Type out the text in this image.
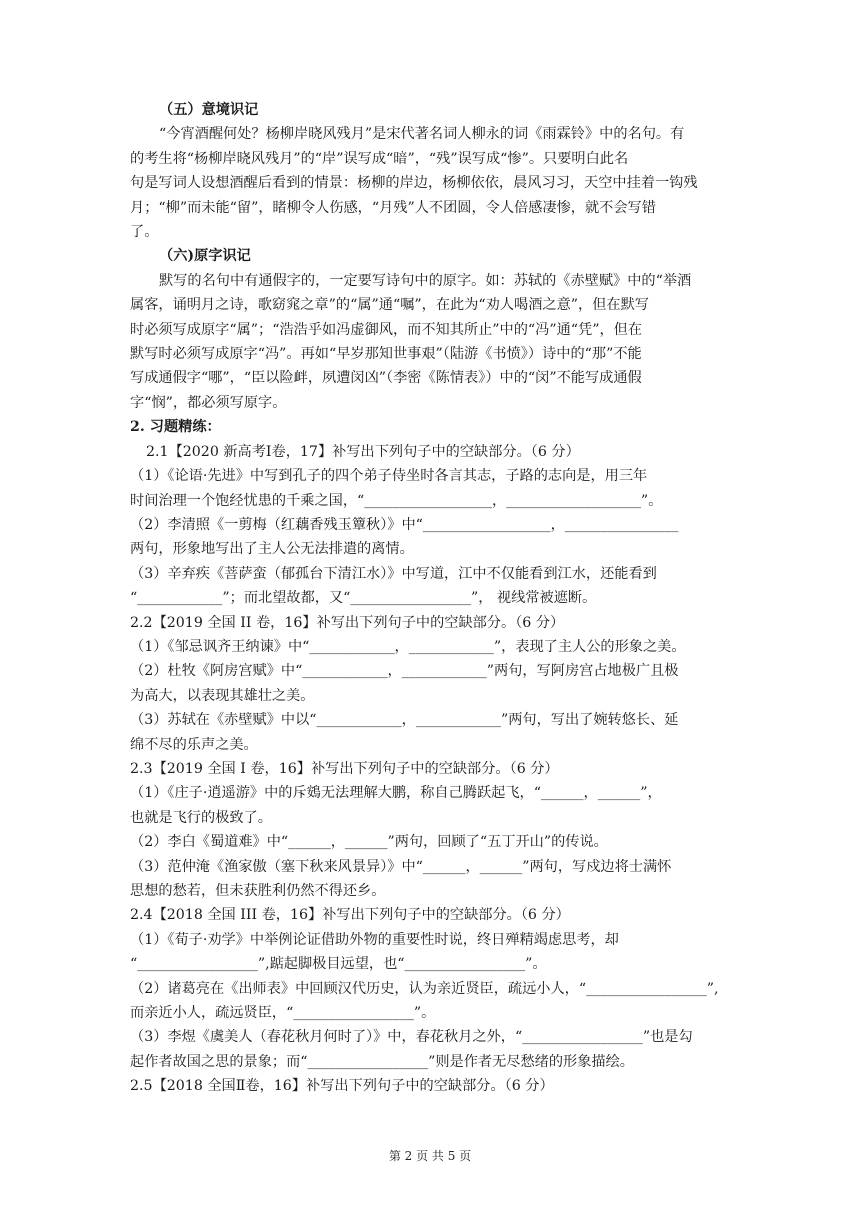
（五）意境识记

“今宵酒醒何处？杨柳岸晓风残月”是宋代著名词人柳永的词《雨霖铃》中的名句。有

的考生将“杨柳岸晓风残月”的“岸”误写成“暗”，“残”误写成“惨”。只要明白此名

句是写词人设想酒醒后看到的情景：杨柳的岸边，杨柳依依，晨风习习，天空中挂着一钩残

月；“柳”而未能“留”，睹柳令人伤感，“月残”人不团圆，令人倍感凄惨，就不会写错

了。

（六)原字识记

默写的名句中有通假字的，一定要写诗句中的原字。如：苏轼的《赤壁赋》中的“举酒

属客，诵明月之诗，歌窈窕之章”的“属”通“嘱”，在此为“劝人喝酒之意”，但在默写

时必须写成原字“属”；“浩浩乎如冯虚御风，而不知其所止”中的“冯”通“凭”，但在

默写时必须写成原字“冯”。再如“早岁那知世事艰”（陆游《书愤》）诗中的“那”不能

写成通假字“哪”，“臣以险衅，夙遭闵凶”（李密《陈情表》）中的“闵”不能写成通假

字“悯”，都必须写原字。

2. 习题精练：

2.1【2020 新高考Ⅰ卷，17】补写出下列句子中的空缺部分。（6 分）

（1）《论语·先进》中写到孔子的四个弟子侍坐时各言其志，子路的志向是，用三年

时间治理一个饱经忧患的千乘之国，“__________________，___________________”。

（2）李清照《一剪梅（红藕香残玉簟秋）》中“__________________，________________

两句，形象地写出了主人公无法排遣的离情。

（3）辛弃疾《菩萨蛮（郁孤台下清江水）》中写道，江中不仅能看到江水，还能看到

“____________”；而北望故都，又“_________________”， 视线常被遮断。

2.2【2019 全国 II 卷，16】补写出下列句子中的空缺部分。（6 分）

（1）《邹忌讽齐王纳谏》中“____________，____________”，表现了主人公的形象之美。

（2）杜牧《阿房宫赋》中“____________，____________”两句，写阿房宫占地极广且极

为高大，以表现其雄壮之美。

（3）苏轼在《赤壁赋》中以“____________，____________”两句，写出了婉转悠长、延

绵不尽的乐声之美。

2.3【2019 全国 I 卷，16】补写出下列句子中的空缺部分。（6 分）

（1）《庄子·逍遥游》中的斥鴳无法理解大鹏，称自己腾跃起飞，“______，______”，

也就是飞行的极致了。

（2）李白《蜀道难》中“______，______”两句，回顾了“五丁开山”的传说。

（3）范仲淹《渔家傲（塞下秋来风景异）》中“______，______”两句，写戍边将士满怀

思想的愁若，但未获胜利仍然不得还乡。

2.4【2018 全国 III 卷，16】补写出下列句子中的空缺部分。（6 分）

（1）《荀子·劝学》中举例论证借助外物的重要性时说，终日殚精竭虑思考，却

“_________________”,踮起脚极目远望，也“_________________”。

（2）诸葛亮在《出师表》中回顾汉代历史，认为亲近贤臣，疏远小人，“_________________”,

而亲近小人，疏远贤臣，“_________________”。

（3）李煜《虞美人（春花秋月何时了）》中，春花秋月之外，“_________________”也是勾

起作者故国之思的景象；而“_________________”则是作者无尽愁绪的形象描绘。

2.5【2018 全国Ⅱ卷，16】补写出下列句子中的空缺部分。（6 分）

第 2 页 共 5 页
